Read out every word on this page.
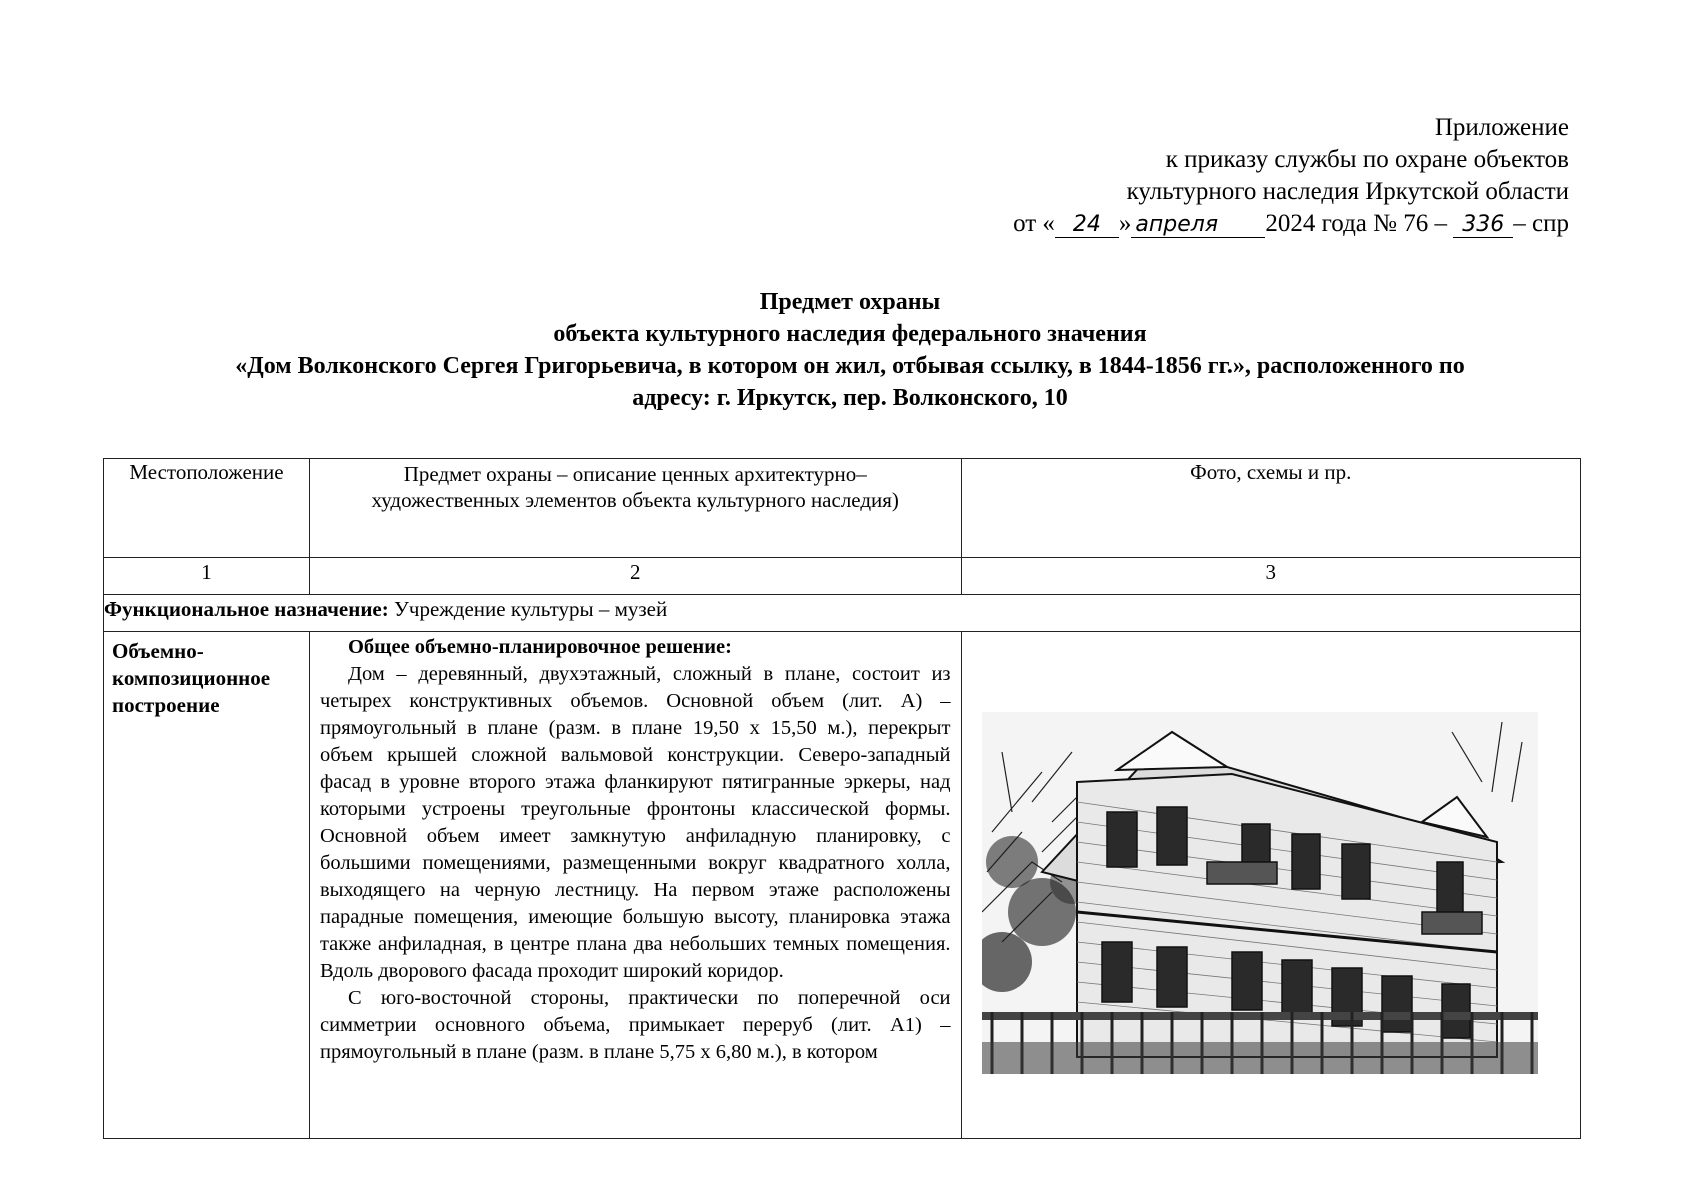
Приложение
к приказу службы по охране объектов
культурного наследия Иркутской области
от « 24 » апреля 2024 года № 76 – 336 – спр
Предмет охраны
объекта культурного наследия федерального значения
«Дом Волконского Сергея Григорьевича, в котором он жил, отбывая ссылку, в 1844-1856 гг.», расположенного по
адресу: г. Иркутск, пер. Волконского, 10
Местоположение	Предмет охраны – описание ценных архитектурно–художественных элементов объекта культурного наследия)	Фото, схемы и пр.
1	2	3
Функциональное назначение: Учреждение культуры – музей		
Объемно-композиционное построение	Общее объемно-планировочное решение:

Дом – деревянный, двухэтажный, сложный в плане, состоит из четырех конструктивных объемов. Основной объем (лит. А) – прямоугольный в плане (разм. в плане 19,50 х 15,50 м.), перекрыт объем крышей сложной вальмовой конструкции. Северо-западный фасад в уровне второго этажа фланкируют пятигранные эркеры, над которыми устроены треугольные фронтоны классической формы. Основной объем имеет замкнутую анфиладную планировку, с большими помещениями, размещенными вокруг квадратного холла, выходящего на черную лестницу. На первом этаже расположены парадные помещения, имеющие большую высоту, планировка этажа также анфиладная, в центре плана два небольших темных помещения. Вдоль дворового фасада проходит широкий коридор.

С юго-восточной стороны, практически по поперечной оси симметрии основного объема, примыкает переруб (лит. А1) – прямоугольный в плане (разм. в плане 5,75 х 6,80 м.), в котором
